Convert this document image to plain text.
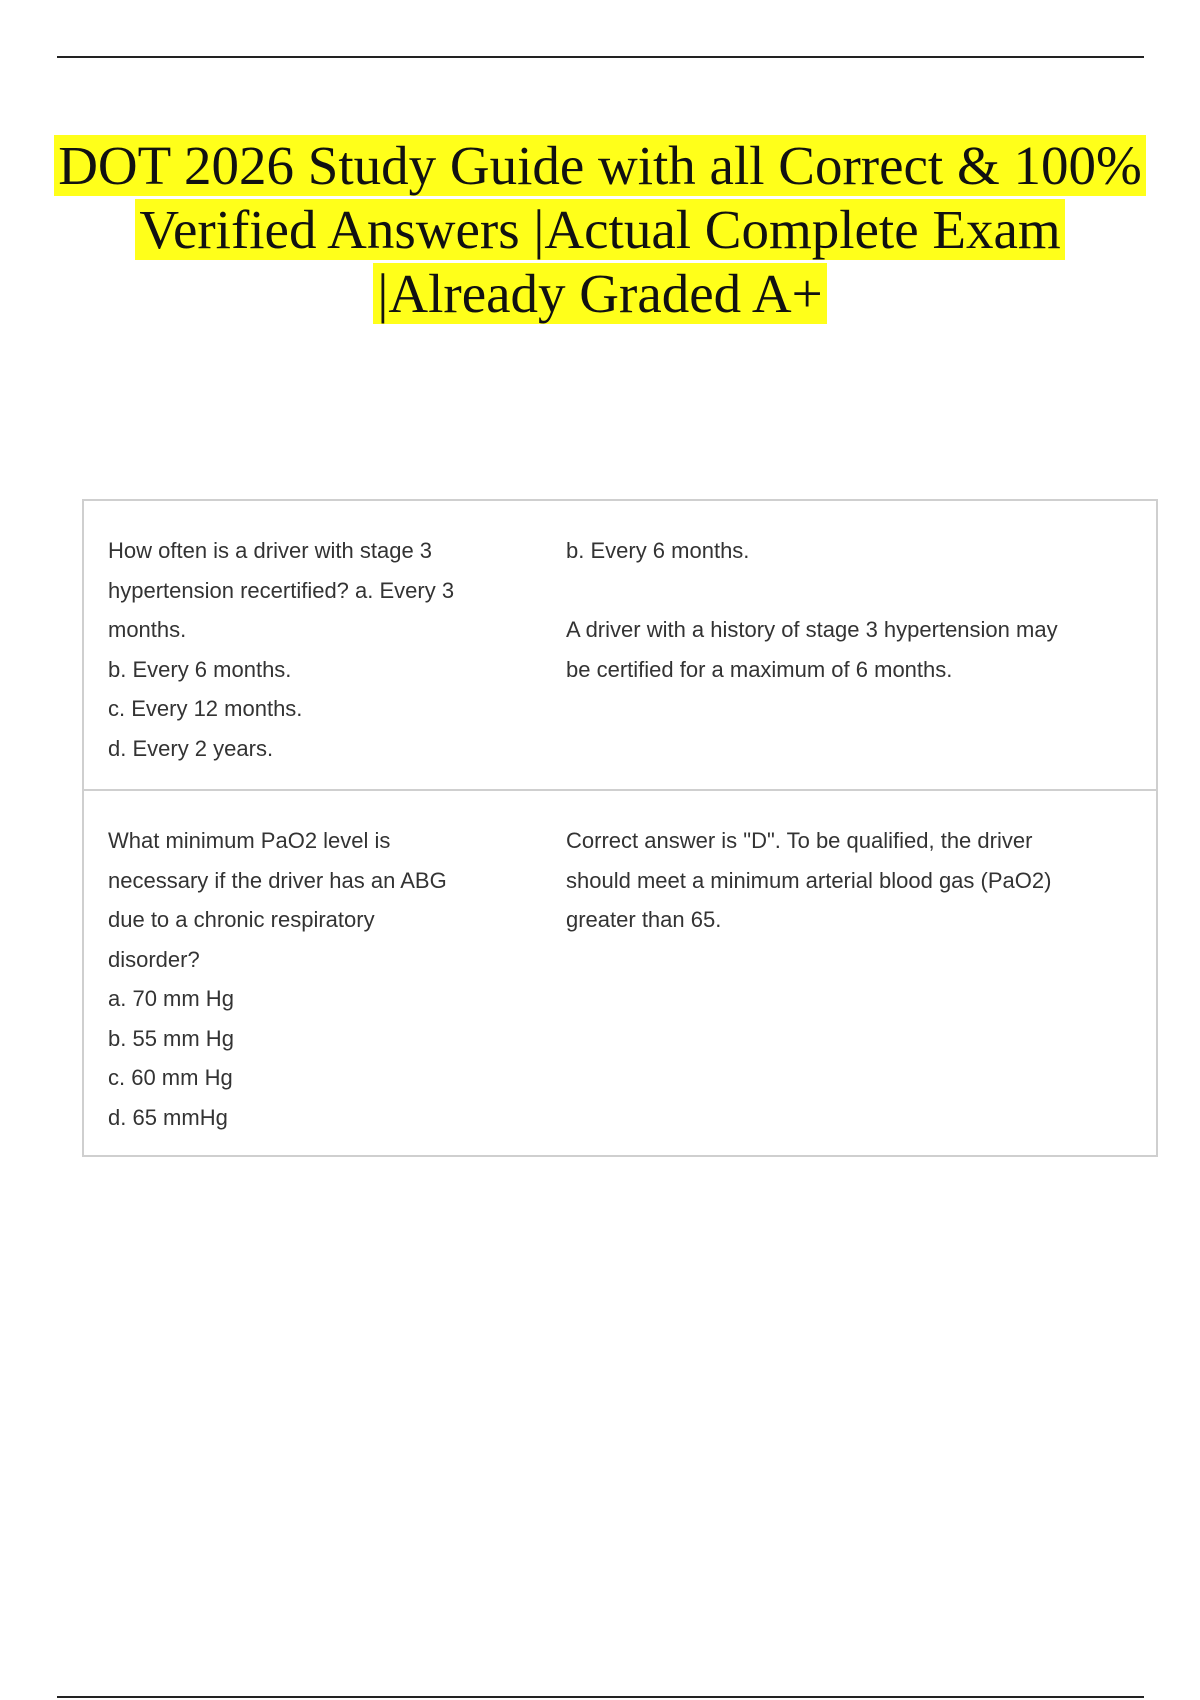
DOT 2026 Study Guide with all Correct & 100%
Verified Answers |Actual Complete Exam
|Already Graded A+
How often is a driver with stage 3
hypertension recertified? a. Every 3
months.
b. Every 6 months.
c. Every 12 months.
d. Every 2 years.
b. Every 6 months.
A driver with a history of stage 3 hypertension may
be certified for a maximum of 6 months.
What minimum PaO2 level is
necessary if the driver has an ABG
due to a chronic respiratory
disorder?
a. 70 mm Hg
b. 55 mm Hg
c. 60 mm Hg
d. 65 mmHg
Correct answer is "D". To be qualified, the driver
should meet a minimum arterial blood gas (PaO2)
greater than 65.
